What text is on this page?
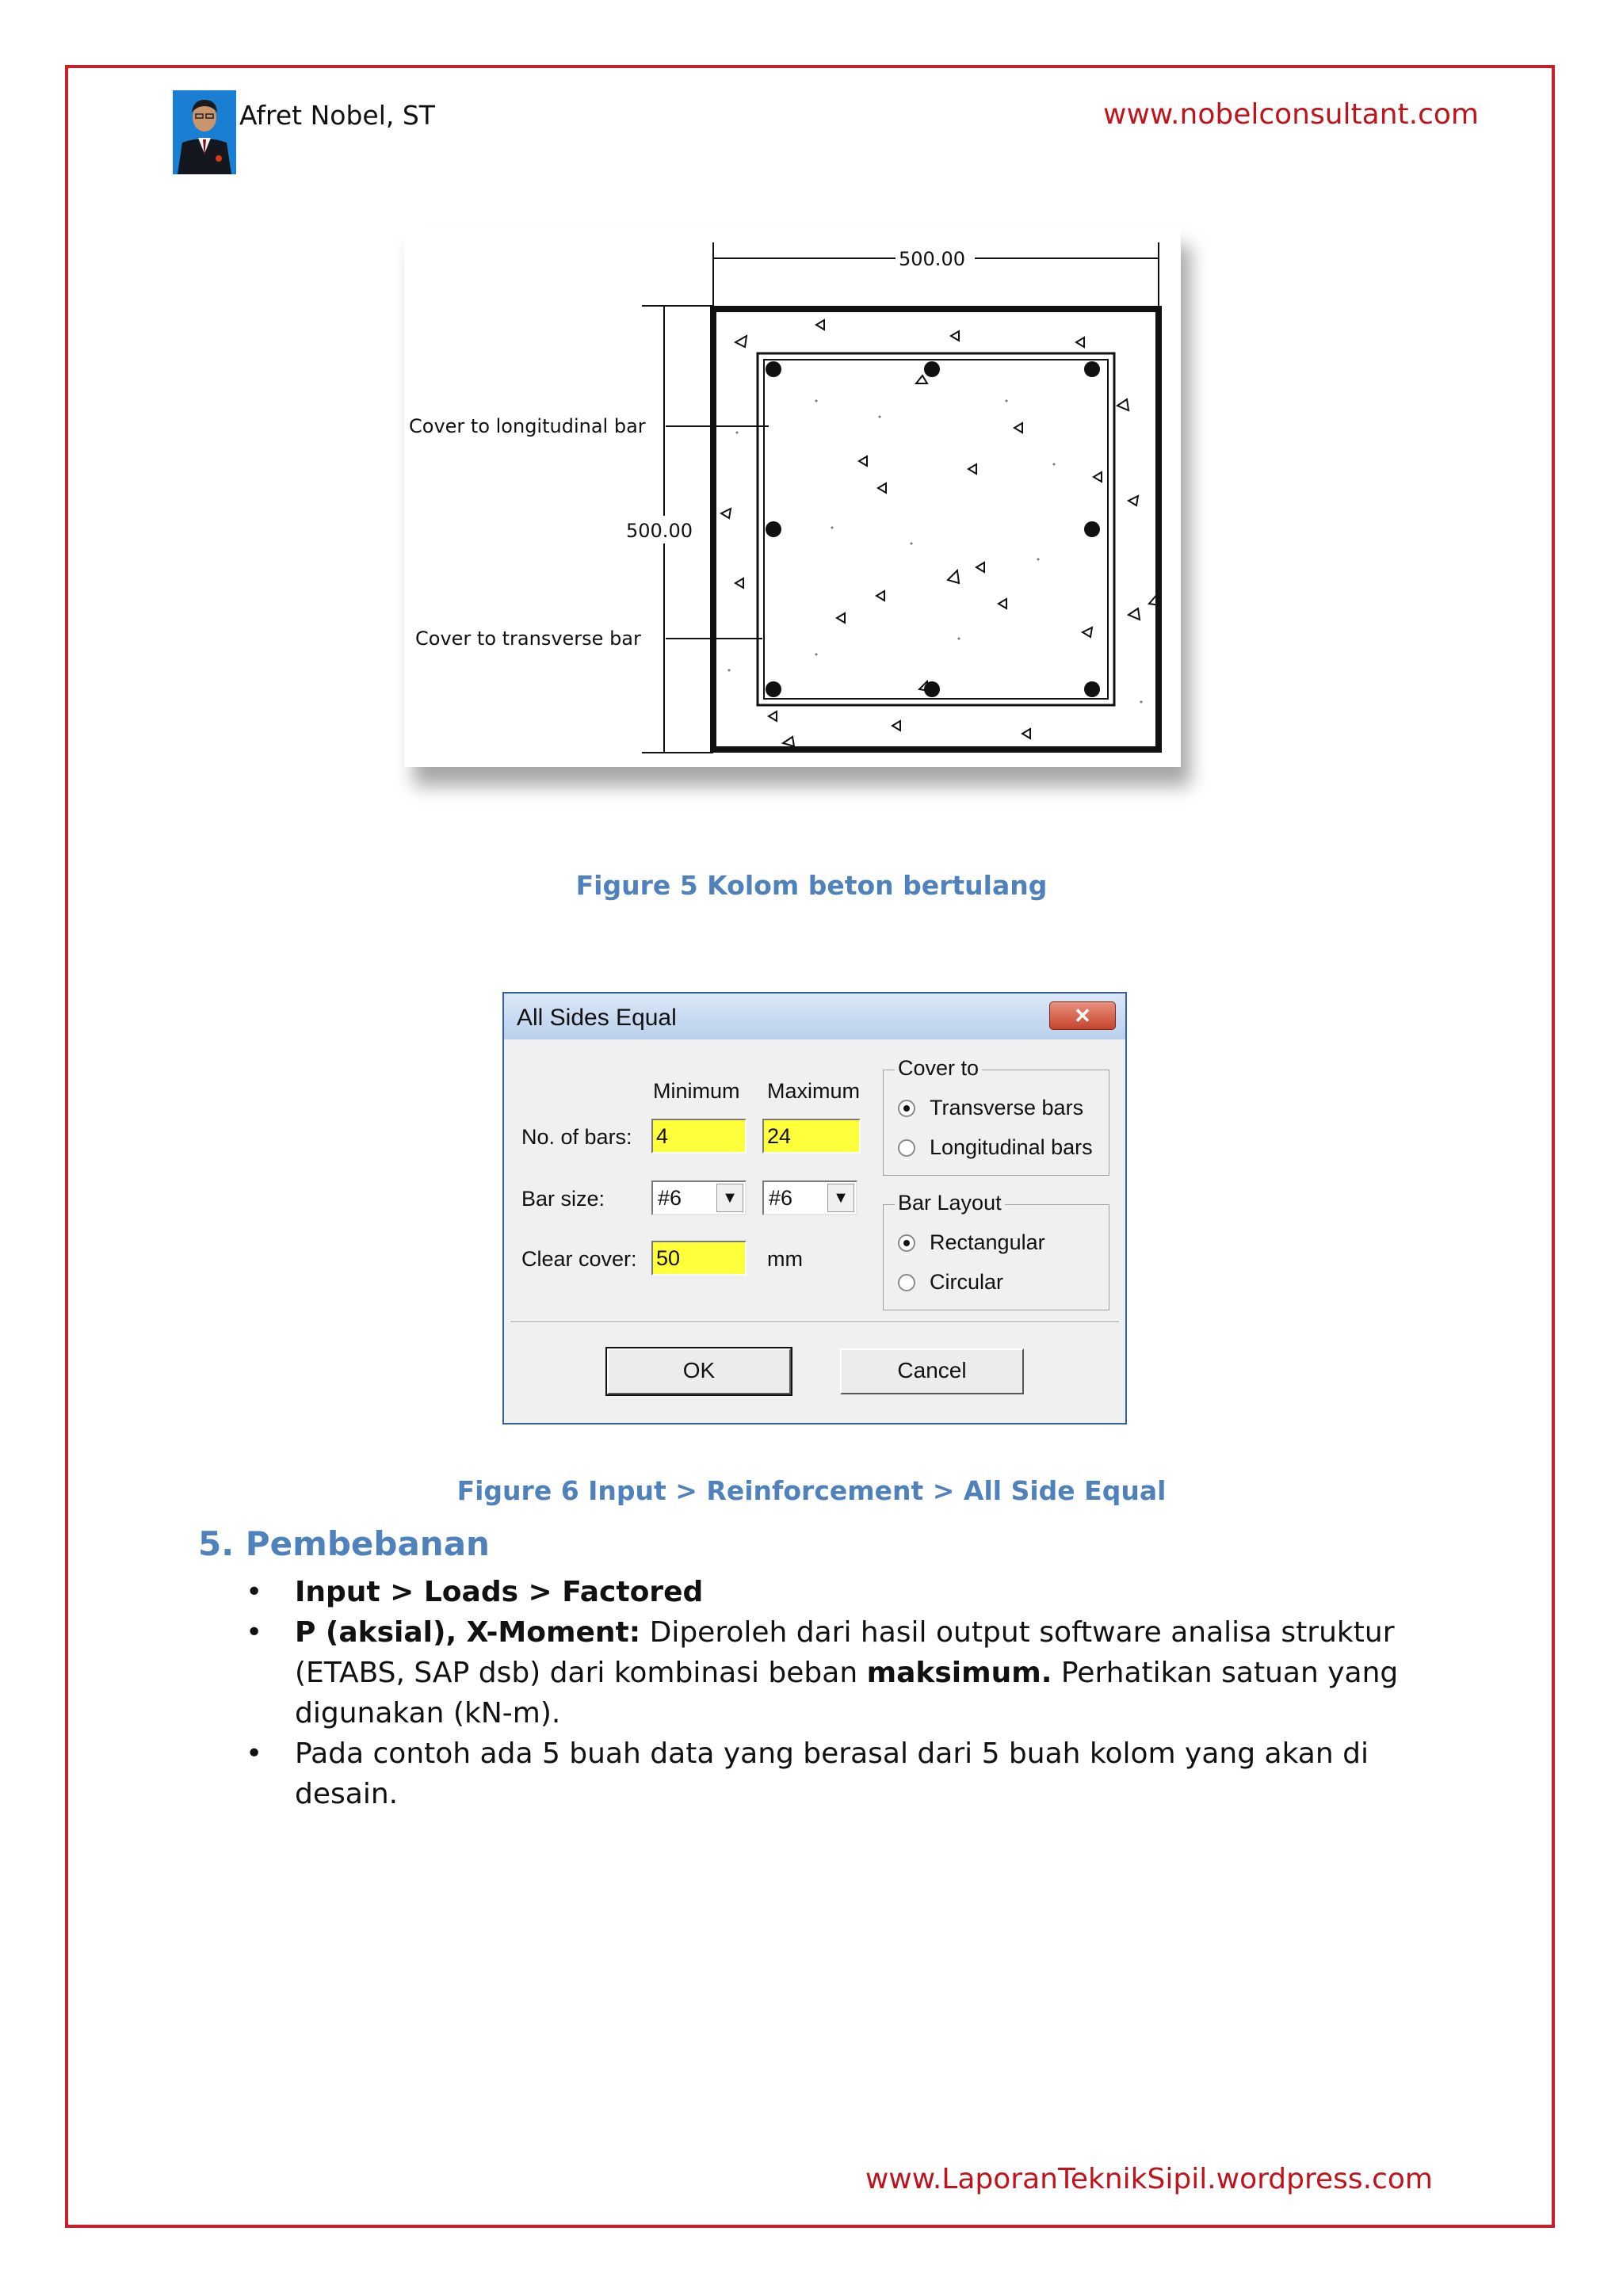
Afret Nobel, ST	www.nobelconsultant.com
500.00
500.00
Cover to longitudinal bar
Cover to transverse bar
Figure 5 Kolom beton bertulang
All Sides Equal	✕
Minimum Maximum
No. of bars: 4	24
Bar size: #6	▼ #6	▼
Clear cover: 50	mm
Cover to
Transverse bars
Longitudinal bars
Bar Layout
Rectangular
Circular
OK	Cancel
Figure 6 Input > Reinforcement > All Side Equal
5. Pembebanan
• Input > Loads > Factored
• P (aksial), X-Moment: Diperoleh dari hasil output software analisa struktur (ETABS, SAP dsb) dari kombinasi beban maksimum. Perhatikan satuan yang digunakan (kN-m).
• Pada contoh ada 5 buah data yang berasal dari 5 buah kolom yang akan di desain.
www.LaporanTeknikSipil.wordpress.com
